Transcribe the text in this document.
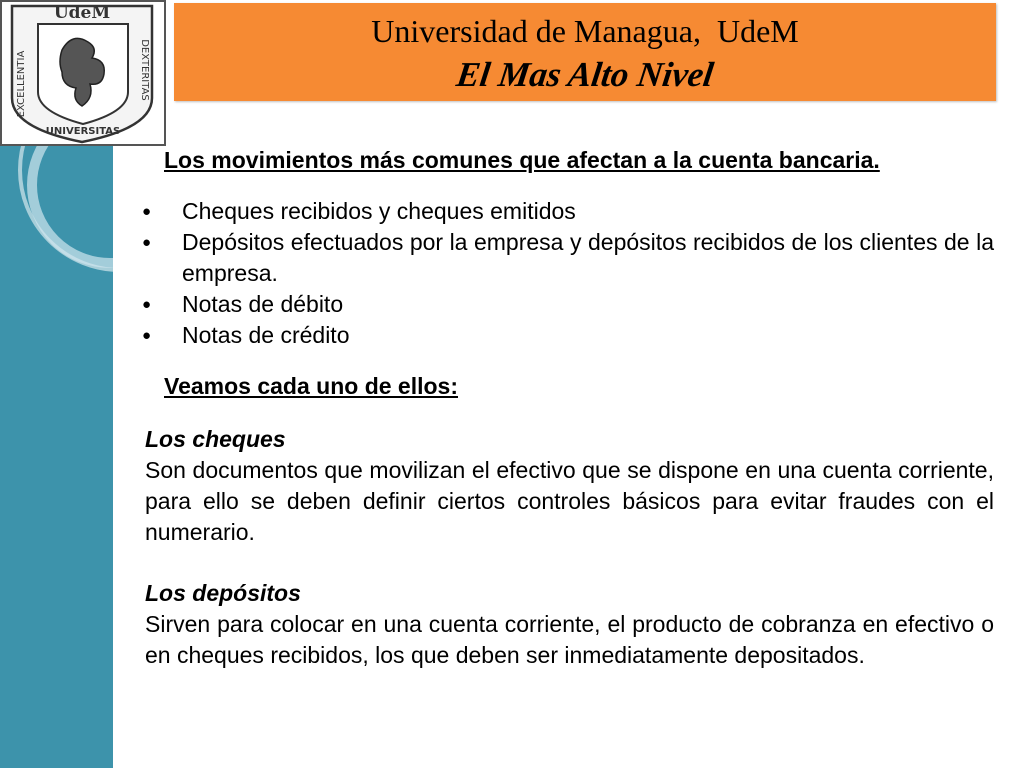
UdeM
EXCELLENTIA	DEXTERITAS
UNIVERSITAS
Universidad de Managua,  UdeM
El Mas Alto Nivel

Los movimientos más comunes que afectan a la cuenta bancaria.

● Cheques recibidos y cheques emitidos
● Depósitos efectuados por la empresa y depósitos recibidos de los clientes de la empresa.
● Notas de débito
● Notas de crédito

Veamos cada uno de ellos:

Los cheques

Son documentos que movilizan el efectivo que se dispone en una cuenta corriente, para ello se deben definir ciertos controles básicos para evitar fraudes con el numerario.

Los depósitos

Sirven para colocar en una cuenta corriente, el producto de cobranza en efectivo o en cheques recibidos, los que deben ser inmediatamente depositados.
